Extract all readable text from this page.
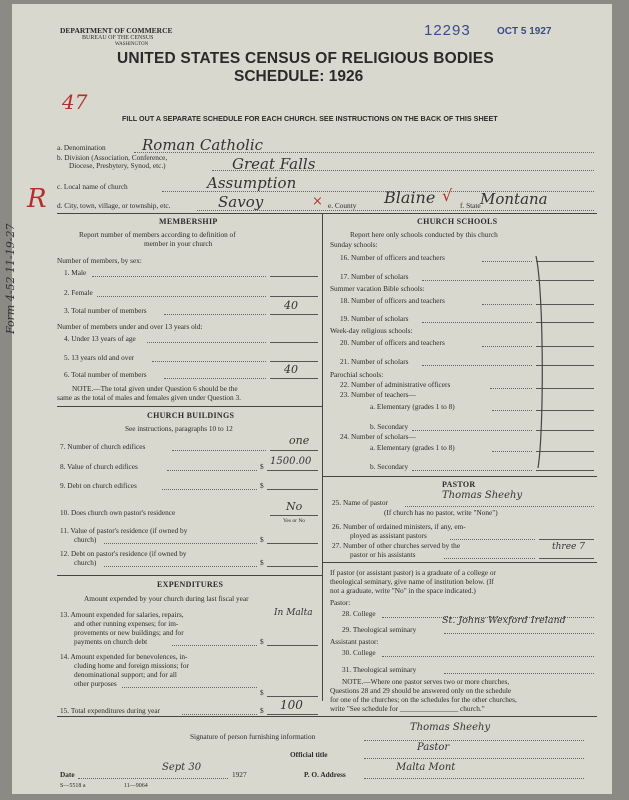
DEPARTMENT OF COMMERCE
BUREAU OF THE CENSUS
WASHINGTON
12293	OCT 5 1927
UNITED STATES CENSUS OF RELIGIOUS BODIES
SCHEDULE: 1926
47
FILL OUT A SEPARATE SCHEDULE FOR EACH CHURCH. SEE INSTRUCTIONS ON THE BACK OF THIS SHEET
a. Denomination Roman Catholic
b. Division (Association, Conference,
Diocese, Presbytery, Synod, etc.)	Great Falls
c. Local name of church	Assumption
R d. City, town, village, or township, etc.	Savoy	× e. County Blaine √
f. State Montana
Form 4-52 11-19-27
MEMBERSHIP
Report number of members according to definition of
member in your church
Number of members, by sex:
1. Male
2. Female
3. Total number of members	40
Number of members under and over 13 years old:
4. Under 13 years of age
5. 13 years old and over
6. Total number of members	40
NOTE.—The total given under Question 6 should be the
same as the total of males and females given under Question 3.
CHURCH BUILDINGS
See instructions, paragraphs 10 to 12
7. Number of church edifices	one
8. Value of church edifices	$ 1500.00
9. Debt on church edifices	$
10. Does church own pastor's residence	No
Yes or No
11. Value of pastor's residence (if owned by
church)	$
12. Debt on pastor's residence (if owned by
church)	$
EXPENDITURES
Amount expended by your church during last fiscal year
13. Amount expended for salaries, repairs,
and other running expenses; for im-
provements or new buildings; and for
payments on church debt
In Malta
$
14. Amount expended for benevolences, in-
cluding home and foreign missions; for
denominational support; and for all
other purposes
$
15. Total expenditures during year	$ 100
CHURCH SCHOOLS
Report here only schools conducted by this church
Sunday schools:
16. Number of officers and teachers
17. Number of scholars
Summer vacation Bible schools:
18. Number of officers and teachers
19. Number of scholars
Week-day religious schools:
20. Number of officers and teachers
21. Number of scholars
Parochial schools:
22. Number of administrative officers
23. Number of teachers—
a. Elementary (grades 1 to 8)
b. Secondary
24. Number of scholars—
a. Elementary (grades 1 to 8)
b. Secondary
PASTOR
25. Name of pastor
Thomas Sheehy
(If church has no pastor, write "None")
26. Number of ordained ministers, if any, em-
ployed as assistant pastors
27. Number of other churches served by the
pastor or his assistants
three 7
If pastor (or assistant pastor) is a graduate of a college or
theological seminary, give name of institution below. (If
not a graduate, write "No" in the space indicated.)
Pastor:
28. College
29. Theological seminary
St. Johns Wexford Ireland
Assistant pastor:
30. College
31. Theological seminary
NOTE.—Where one pastor serves two or more churches,
Questions 28 and 29 should be answered only on the schedule
for one of the churches; on the schedules for the other churches,
write "See schedule for ________________ church."
Signature of person furnishing information
Thomas Sheehy
Official title
Pastor
Date
Sept 30
1927	P. O. Address
Malta Mont
S—5518 a	11—9064
